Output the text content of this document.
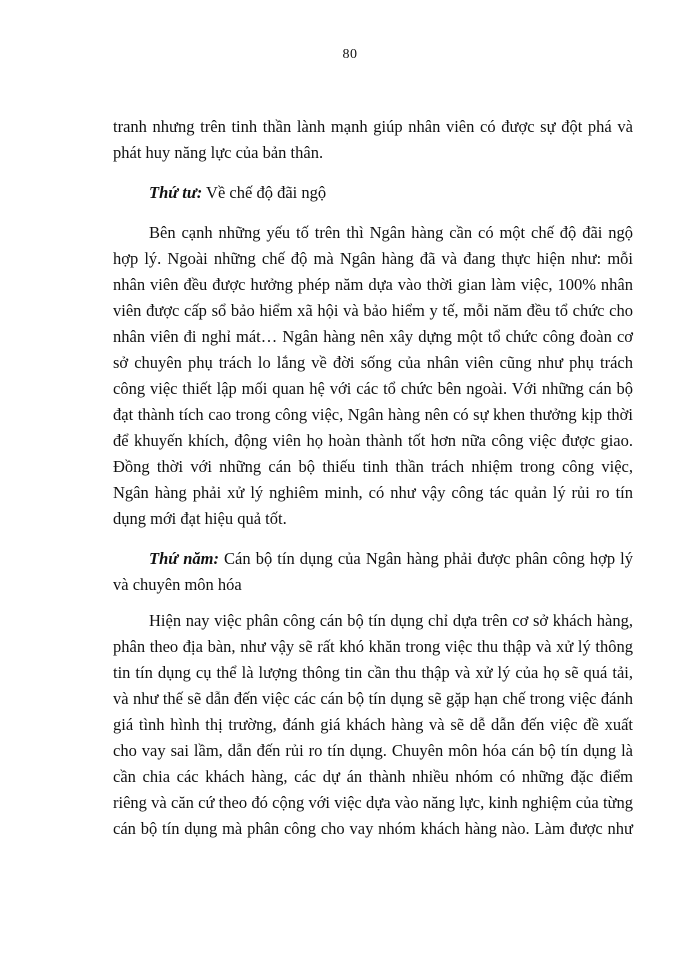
80
tranh nhưng trên tinh thần lành mạnh giúp nhân viên có được sự đột phá và
phát huy năng lực của bản thân.
Thứ tư: Về chế độ đãi ngộ
Bên cạnh những yếu tố trên thì Ngân hàng cần có một chế độ đãi ngộ
hợp lý. Ngoài những chế độ mà Ngân hàng đã và đang thực hiện như: mỗi
nhân viên đều được hưởng phép năm dựa vào thời gian làm việc, 100% nhân
viên được cấp sổ bảo hiểm xã hội và bảo hiểm y tế, mỗi năm đều tổ chức cho
nhân viên đi nghỉ mát… Ngân hàng nên xây dựng một tổ chức công đoàn cơ
sở chuyên phụ trách lo lắng về đời sống của nhân viên cũng như phụ trách
công việc thiết lập mối quan hệ với các tổ chức bên ngoài. Với những cán bộ
đạt thành tích cao trong công việc, Ngân hàng nên có sự khen thưởng kịp thời
để khuyến khích, động viên họ hoàn thành tốt hơn nữa công việc được giao.
Đồng thời với những cán bộ thiếu tinh thần trách nhiệm trong công việc,
Ngân hàng phải xử lý nghiêm minh, có như vậy công tác quản lý rủi ro tín
dụng mới đạt hiệu quả tốt.
Thứ năm: Cán bộ tín dụng của Ngân hàng phải được phân công hợp lý
và chuyên môn hóa
Hiện nay việc phân công cán bộ tín dụng chỉ dựa trên cơ sở khách hàng,
phân theo địa bàn, như vậy sẽ rất khó khăn trong việc thu thập và xử lý thông
tin tín dụng cụ thể là lượng thông tin cần thu thập và xử lý của họ sẽ quá tải,
và như thế sẽ dẫn đến việc các cán bộ tín dụng sẽ gặp hạn chế trong việc đánh
giá tình hình thị trường, đánh giá khách hàng và sẽ dễ dẫn đến việc đề xuất
cho vay sai lầm, dẫn đến rủi ro tín dụng. Chuyên môn hóa cán bộ tín dụng là
cần chia các khách hàng, các dự án thành nhiều nhóm có những đặc điểm
riêng và căn cứ theo đó cộng với việc dựa vào năng lực, kinh nghiệm của từng
cán bộ tín dụng mà phân công cho vay nhóm khách hàng nào. Làm được như
